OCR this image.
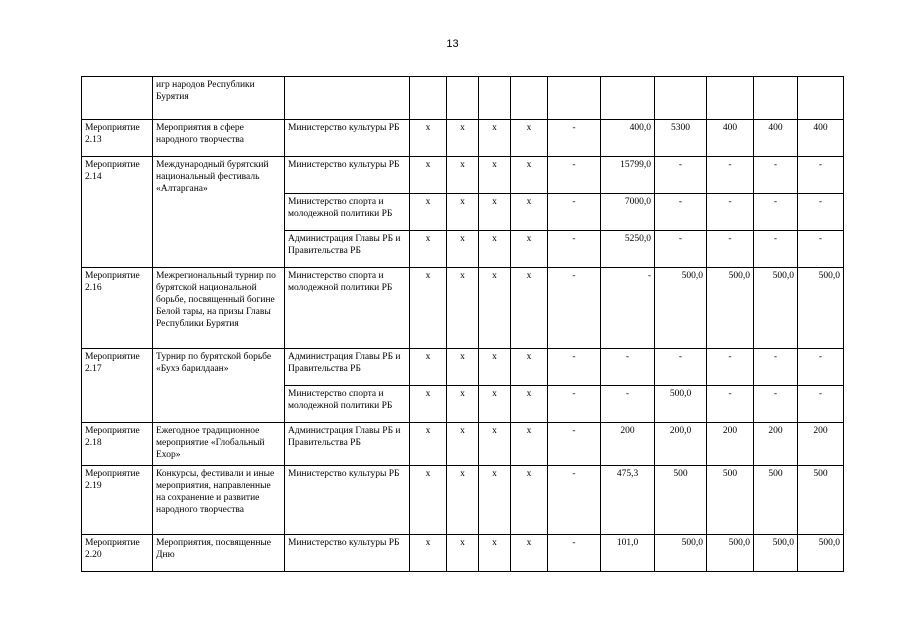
13
	игр народов Республики Бурятия											
Мероприятие 2.13	Мероприятия в сфере народного творчества	Министерство культуры РБ	x	x	x	x	-	400,0	5300	400	400	400
Мероприятие 2.14	Международный бурятский национальный фестиваль «Алтаргана»	Министерство культуры РБ	x	x	x	x	-	15799,0	-	-	-	-
		Министерство спорта и молодежной политики РБ	x	x	x	x	-	7000,0	-	-	-	-
		Администрация Главы РБ и Правительства РБ	x	x	x	x	-	5250,0	-	-	-	-
Мероприятие 2.16	Межрегиональный турнир по бурятской национальной борьбе, посвященный богине Белой тары, на призы Главы Республики Бурятия	Министерство спорта и молодежной политики РБ	x	x	x	x	-	-	500,0	500,0	500,0	500,0
Мероприятие 2.17	Турнир по бурятской борьбе «Бухэ барилдаан»	Администрация Главы РБ и Правительства РБ	x	x	x	x	-	-	-	-	-	-
		Министерство спорта и молодежной политики РБ	x	x	x	x	-	-	500,0	-	-	-
Мероприятие 2.18	Ежегодное традиционное мероприятие «Глобальный Ехор»	Администрация Главы РБ и Правительства РБ	x	x	x	x	-	200	200,0	200	200	200
Мероприятие 2.19	Конкурсы, фестивали и иные мероприятия, направленные на сохранение и развитие народного творчества	Министерство культуры РБ	x	x	x	x	-	475,3	500	500	500	500
Мероприятие 2.20	Мероприятия, посвященные Дню	Министерство культуры РБ	x	x	x	x	-	101,0	500,0	500,0	500,0	500,0
